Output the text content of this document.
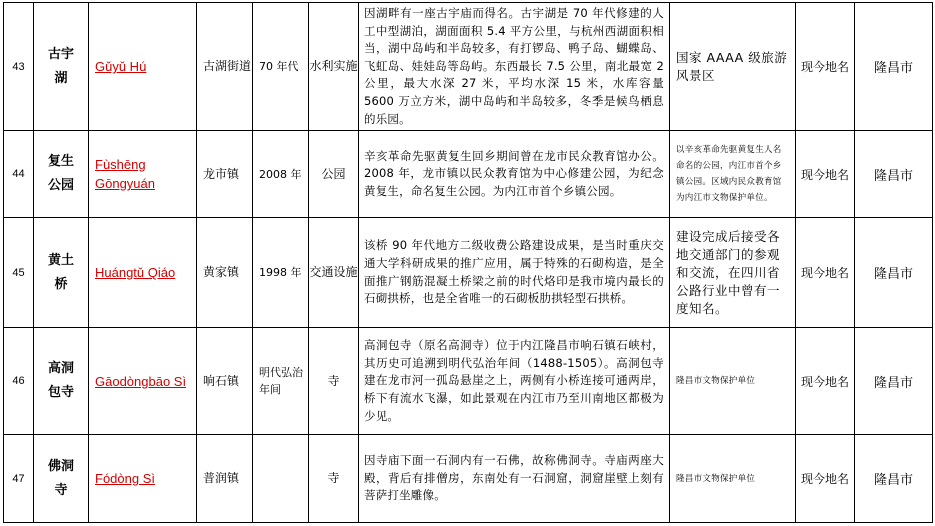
43	古宇湖	Gǔyǔ Hú	古湖街道	70 年代	水利实施	因湖畔有一座古宇庙而得名。古宇湖是 70 年代修建的人工中型湖泊，湖面面积 5.4 平方公里，与杭州西湖面积相当，湖中岛屿和半岛较多，有打锣岛、鸭子岛、蝴蝶岛、飞虹岛、娃娃岛等岛屿。东西最长 7.5 公里，南北最宽 2 公里，最大水深 27 米，平均水深 15 米，水库容量 5600 万立方米，湖中岛屿和半岛较多，冬季是候鸟栖息的乐园。	国家 AAAA 级旅游风景区	现今地名	隆昌市
44	复生公园	Fùshēng Gōngyuán	龙市镇	2008 年	公园	辛亥革命先驱黄复生回乡期间曾在龙市民众教育馆办公。2008 年，龙市镇以民众教育馆为中心修建公园，为纪念黄复生，命名复生公园。为内江市首个乡镇公园。	以辛亥革命先驱黄复生人名命名的公园，内江市首个乡镇公园。区域内民众教育馆为内江市文物保护单位。	现今地名	隆昌市
45	黄土桥	Huángtǔ Qiáo	黄家镇	1998 年	交通设施	该桥 90 年代地方二级收费公路建设成果，是当时重庆交通大学科研成果的推广应用，属于特殊的石砌构造，是全面推广钢筋混凝土桥梁之前的时代烙印是我市境内最长的石砌拱桥，也是全省唯一的石砌板肋拱轻型石拱桥。	建设完成后接受各地交通部门的参观和交流，在四川省公路行业中曾有一度知名。	现今地名	隆昌市
46	高洞包寺	Gāodòngbāo Sì	响石镇	明代弘治年间	寺	高洞包寺（原名高洞寺）位于内江隆昌市响石镇石峡村，其历史可追溯到明代弘治年间（1488-1505）。高洞包寺建在龙市河一孤岛悬崖之上，两侧有小桥连接可通两岸，桥下有流水飞瀑，如此景观在内江市乃至川南地区都极为少见。	隆昌市文物保护单位	现今地名	隆昌市
47	佛洞寺	Fódòng Sì	普润镇		寺	因寺庙下面一石洞内有一石佛，故称佛洞寺。寺庙两座大殿，背后有排僧房，东南处有一石洞窟，洞窟崖壁上刻有菩萨打坐雕像。	隆昌市文物保护单位	现今地名	隆昌市
